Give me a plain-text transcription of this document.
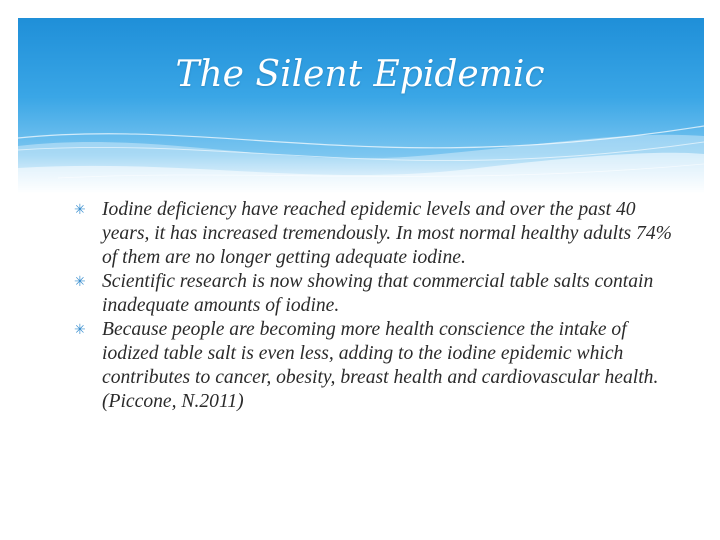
The Silent Epidemic

✳ Iodine deficiency have reached epidemic levels and over the past 40 years, it has increased tremendously. In most normal healthy adults 74% of them are no longer getting adequate iodine.

✳ Scientific research is now showing that commercial table salts contain inadequate amounts of iodine.

✳ Because people are becoming more health conscience the intake of iodized table salt is even less, adding to the iodine epidemic which contributes to cancer, obesity, breast health and cardiovascular health. (Piccone, N.2011)
